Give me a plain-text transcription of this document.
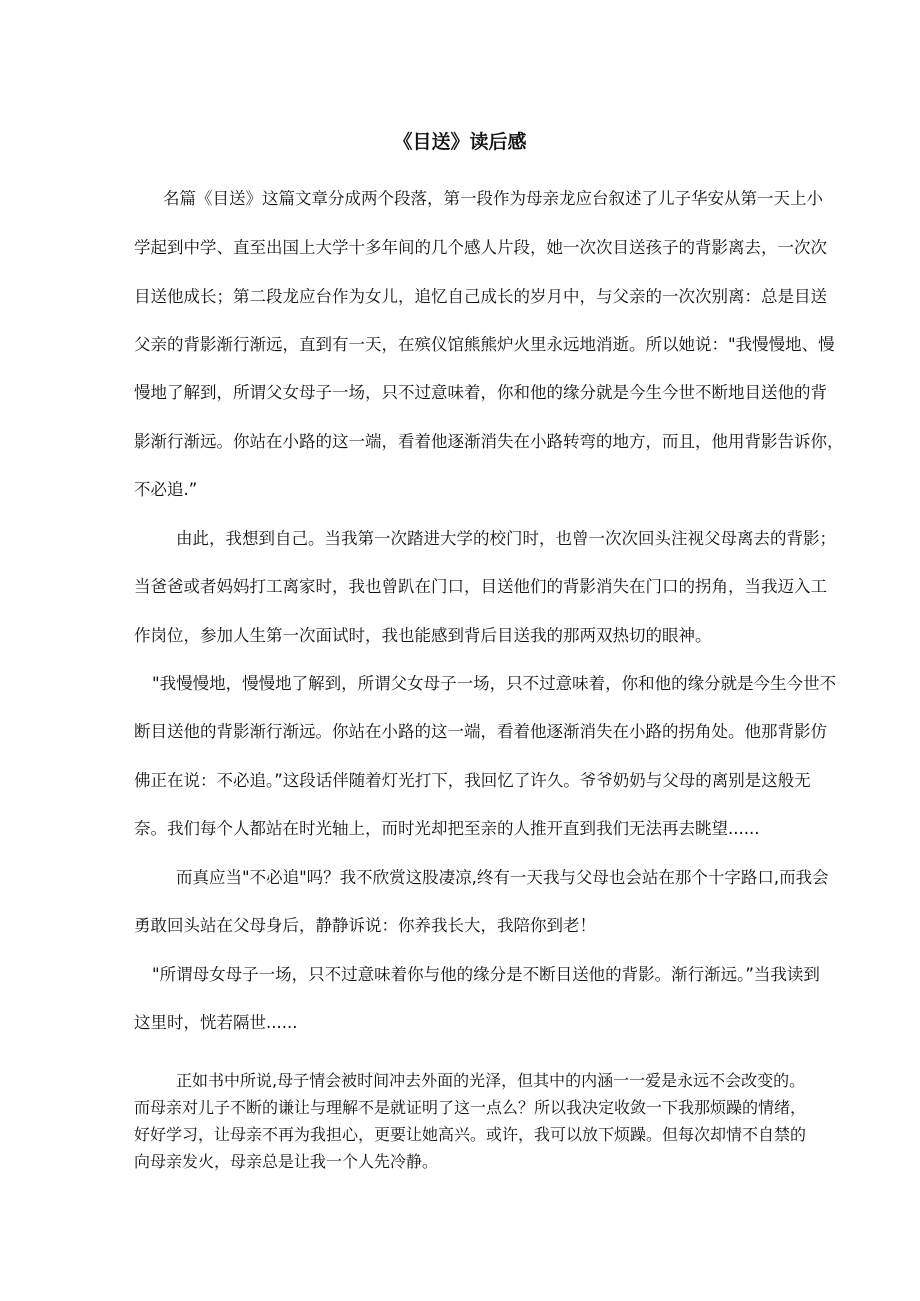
《目送》读后感

名篇《目送》这篇文章分成两个段落，第一段作为母亲龙应台叙述了儿子华安从第一天上小

学起到中学、直至出国上大学十多年间的几个感人片段，她一次次目送孩子的背影离去，一次次

目送他成长；第二段龙应台作为女儿，追忆自己成长的岁月中，与父亲的一次次别离：总是目送

父亲的背影渐行渐远，直到有一天，在殡仪馆熊熊炉火里永远地消逝。所以她说："我慢慢地、慢

慢地了解到，所谓父女母子一场，只不过意味着，你和他的缘分就是今生今世不断地目送他的背

影渐行渐远。你站在小路的这一端，看着他逐渐消失在小路转弯的地方，而且，他用背影告诉你，

不必追.”

由此，我想到自己。当我第一次踏进大学的校门时，也曾一次次回头注视父母离去的背影；

当爸爸或者妈妈打工离家时，我也曾趴在门口，目送他们的背影消失在门口的拐角，当我迈入工

作岗位，参加人生第一次面试时，我也能感到背后目送我的那两双热切的眼神。

"我慢慢地，慢慢地了解到，所谓父女母子一场，只不过意味着，你和他的缘分就是今生今世不

断目送他的背影渐行渐远。你站在小路的这一端，看着他逐渐消失在小路的拐角处。他那背影仿

佛正在说：不必追。”这段话伴随着灯光打下，我回忆了许久。爷爷奶奶与父母的离别是这般无

奈。我们每个人都站在时光轴上，而时光却把至亲的人推开直到我们无法再去眺望......

而真应当"不必追"吗？我不欣赏这股凄凉,终有一天我与父母也会站在那个十字路口,而我会

勇敢回头站在父母身后，静静诉说：你养我长大，我陪你到老！

"所谓母女母子一场，只不过意味着你与他的缘分是不断目送他的背影。渐行渐远。”当我读到

这里时，恍若隔世......

正如书中所说,母子情会被时间冲去外面的光泽，但其中的内涵一一爱是永远不会改变的。

而母亲对儿子不断的谦让与理解不是就证明了这一点么？所以我决定收敛一下我那烦躁的情绪，

好好学习，让母亲不再为我担心，更要让她高兴。或许，我可以放下烦躁。但每次却情不自禁的

向母亲发火，母亲总是让我一个人先冷静。
